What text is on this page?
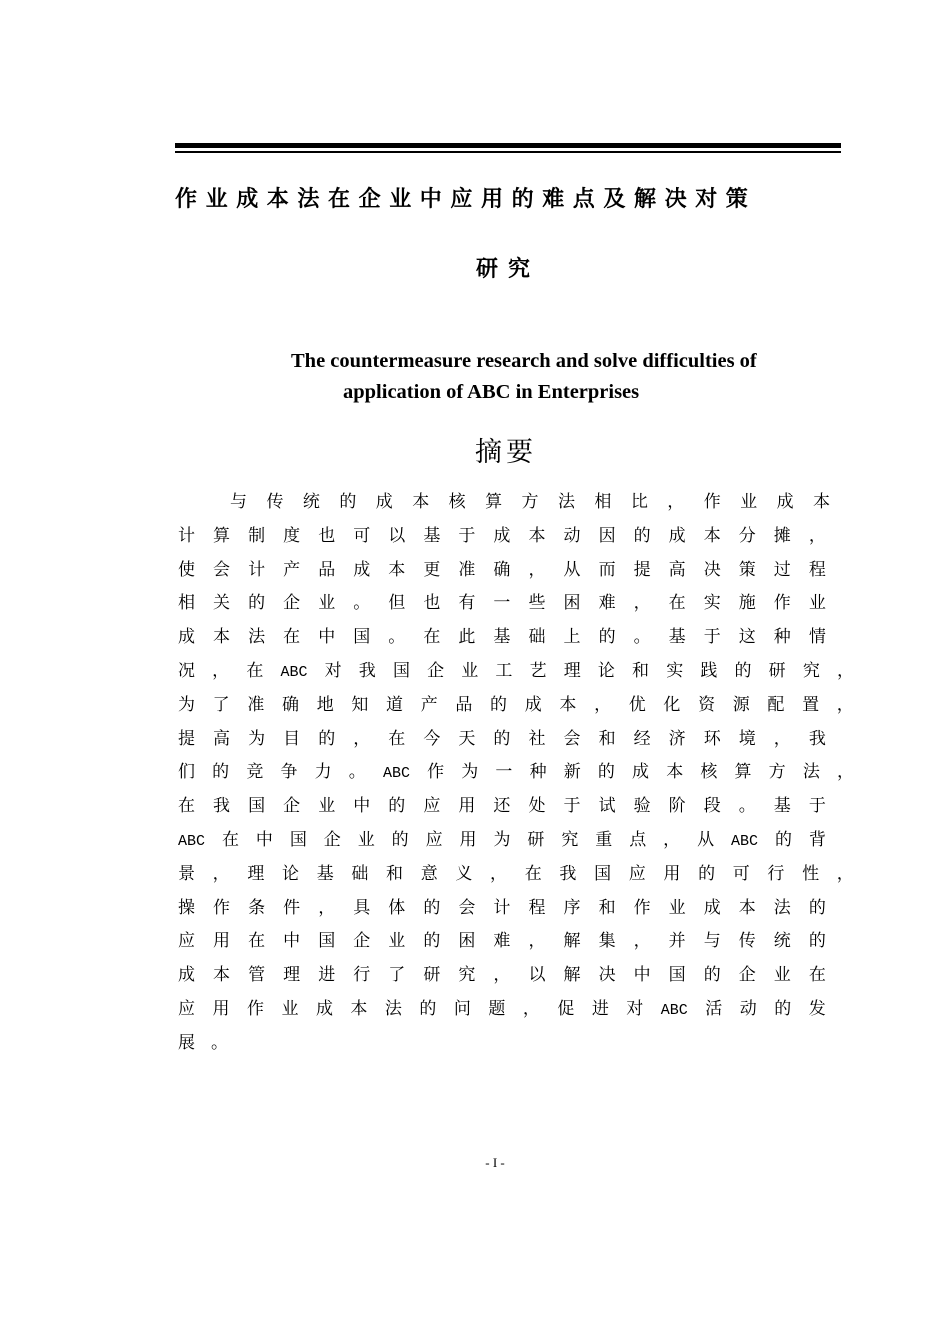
作业成本法在企业中应用的难点及解决对策
研究
The countermeasure research and solve difficulties of
application of ABC in Enterprises
摘要
与 传 统 的 成 本 核 算 方 法 相 比 ， 作 业 成 本
计 算 制 度 也 可 以 基 于 成 本 动 因 的 成 本 分 摊 ，
使 会 计 产 品 成 本 更 准 确 ， 从 而 提 高 决 策 过 程
相 关 的 企 业 。 但 也 有 一 些 困 难 ， 在 实 施 作 业
成 本 法 在 中 国 。 在 此 基 础 上 的 。 基 于 这 种 情
况 ， 在 ABC 对 我 国 企 业 工 艺 理 论 和 实 践 的 研 究 ，
为 了 准 确 地 知 道 产 品 的 成 本 ， 优 化 资 源 配 置 ，
提 高 为 目 的 ， 在 今 天 的 社 会 和 经 济 环 境 ， 我
们 的 竞 争 力 。 ABC 作 为 一 种 新 的 成 本 核 算 方 法 ，
在 我 国 企 业 中 的 应 用 还 处 于 试 验 阶 段 。 基 于
ABC 在 中 国 企 业 的 应 用 为 研 究 重 点 ， 从 ABC 的 背
景 ， 理 论 基 础 和 意 义 ， 在 我 国 应 用 的 可 行 性 ，
操 作 条 件 ， 具 体 的 会 计 程 序 和 作 业 成 本 法 的
应 用 在 中 国 企 业 的 困 难 ， 解 集 ， 并 与 传 统 的
成 本 管 理 进 行 了 研 究 ， 以 解 决 中 国 的 企 业 在
应 用 作 业 成 本 法 的 问 题 ， 促 进 对 ABC 活 动 的 发
展 。
- I -
